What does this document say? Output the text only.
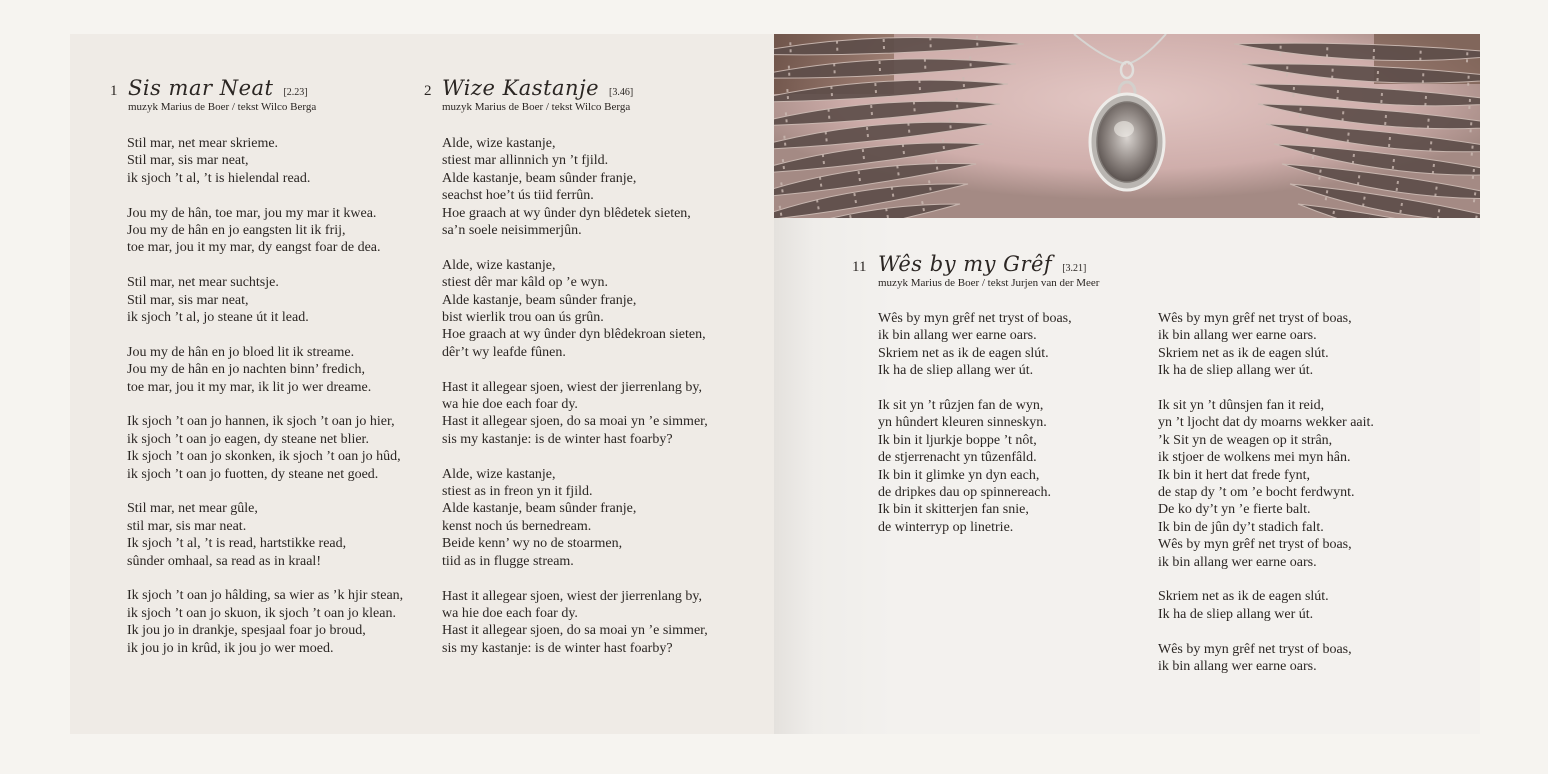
1 Sis mar Neat [2.23]
muzyk Marius de Boer / tekst Wilco Berga
Stil mar, net mear skrieme.
Stil mar, sis mar neat,
ik sjoch ’t al, ’t is hielendal read.
Jou my de hân, toe mar, jou my mar it kwea.
Jou my de hân en jo eangsten lit ik frij,
toe mar, jou it my mar, dy eangst foar de dea.
Stil mar, net mear suchtsje.
Stil mar, sis mar neat,
ik sjoch ’t al, jo steane út it lead.
Jou my de hân en jo bloed lit ik streame.
Jou my de hân en jo nachten binn’ fredich,
toe mar, jou it my mar, ik lit jo wer dreame.
Ik sjoch ’t oan jo hannen, ik sjoch ’t oan jo hier,
ik sjoch ’t oan jo eagen, dy steane net blier.
Ik sjoch ’t oan jo skonken, ik sjoch ’t oan jo hûd,
ik sjoch ’t oan jo fuotten, dy steane net goed.
Stil mar, net mear gûle,
stil mar, sis mar neat.
Ik sjoch ’t al, ’t is read, hartstikke read,
sûnder omhaal, sa read as in kraal!
Ik sjoch ’t oan jo hâlding, sa wier as ’k hjir stean,
ik sjoch ’t oan jo skuon, ik sjoch ’t oan jo klean.
Ik jou jo in drankje, spesjaal foar jo broud,
ik jou jo in krûd, ik jou jo wer moed.
2 Wize Kastanje [3.46]
muzyk Marius de Boer / tekst Wilco Berga
Alde, wize kastanje,
stiest mar allinnich yn ’t fjild.
Alde kastanje, beam sûnder franje,
seachst hoe’t ús tiid ferrûn.
Hoe graach at wy ûnder dyn blêdetek sieten,
sa’n soele neisimmerjûn.
Alde, wize kastanje,
stiest dêr mar kâld op ’e wyn.
Alde kastanje, beam sûnder franje,
bist wierlik trou oan ús grûn.
Hoe graach at wy ûnder dyn blêdekroan sieten,
dêr’t wy leafde fûnen.
Hast it allegear sjoen, wiest der jierrenlang by,
wa hie doe each foar dy.
Hast it allegear sjoen, do sa moai yn ’e simmer,
sis my kastanje: is de winter hast foarby?
Alde, wize kastanje,
stiest as in freon yn it fjild.
Alde kastanje, beam sûnder franje,
kenst noch ús bernedream.
Beide kenn’ wy no de stoarmen,
tiid as in flugge stream.
Hast it allegear sjoen, wiest der jierrenlang by,
wa hie doe each foar dy.
Hast it allegear sjoen, do sa moai yn ’e simmer,
sis my kastanje: is de winter hast foarby?
11 Wês by my Grêf [3.21]
muzyk Marius de Boer / tekst Jurjen van der Meer
Wês by myn grêf net tryst of boas,
ik bin allang wer earne oars.
Skriem net as ik de eagen slút.
Ik ha de sliep allang wer út.
Ik sit yn ’t rûzjen fan de wyn,
yn hûndert kleuren sinneskyn.
Ik bin it ljurkje boppe ’t nôt,
de stjerrenacht yn tûzenfâld.
Ik bin it glimke yn dyn each,
de dripkes dau op spinnereach.
Ik bin it skitterjen fan snie,
de winterryp op linetrie.
Wês by myn grêf net tryst of boas,
ik bin allang wer earne oars.
Skriem net as ik de eagen slút.
Ik ha de sliep allang wer út.
Ik sit yn ’t dûnsjen fan it reid,
yn ’t ljocht dat dy moarns wekker aait.
’k Sit yn de weagen op it strân,
ik stjoer de wolkens mei myn hân.
Ik bin it hert dat frede fynt,
de stap dy ’t om ’e bocht ferdwynt.
De ko dy’t yn ’e fierte balt.
Ik bin de jûn dy’t stadich falt.
Wês by myn grêf net tryst of boas,
ik bin allang wer earne oars.
Skriem net as ik de eagen slút.
Ik ha de sliep allang wer út.
Wês by myn grêf net tryst of boas,
ik bin allang wer earne oars.
